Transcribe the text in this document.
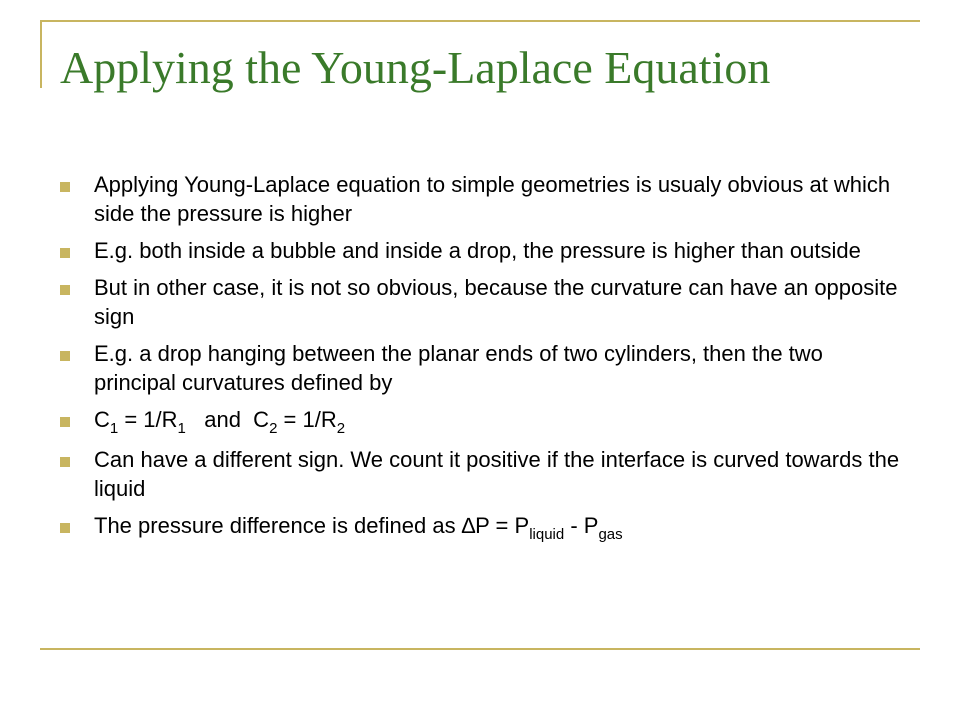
Applying the Young-Laplace Equation
Applying Young-Laplace equation to simple geometries is usualy obvious at which side the pressure is higher
E.g. both inside a bubble and inside a drop, the pressure is higher than outside
But in other case, it is not so obvious, because the curvature can have an opposite sign
E.g. a drop hanging between the planar ends of two cylinders, then the two principal curvatures defined by
$C_1 = 1/R_1$   and  $C_2 = 1/R_2$
Can have a different sign. We count it positive if the interface is curved towards the liquid
The pressure difference is defined as $\Delta P = P_{liquid} - P_{gas}$
